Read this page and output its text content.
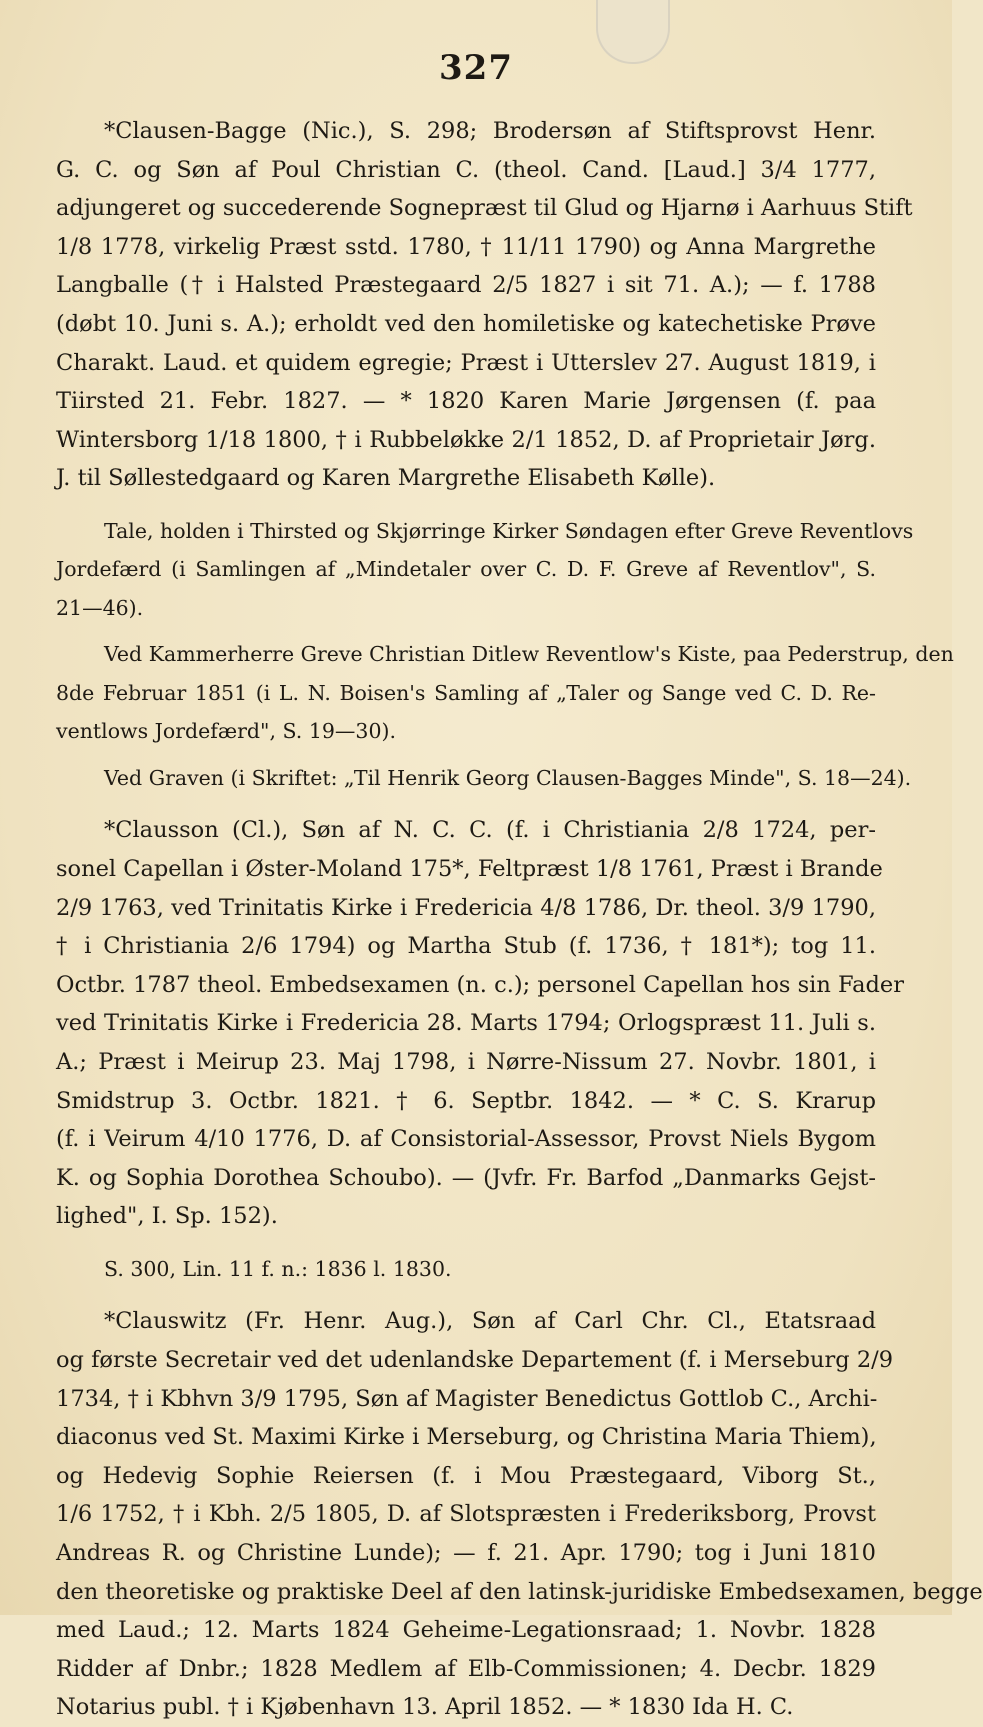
327
*Clausen-Bagge (Nic.), S. 298; Brodersøn af Stiftsprovst Henr.
G. C. og Søn af Poul Christian C. (theol. Cand. [Laud.] 3/4 1777,
adjungeret og succederende Sognepræst til Glud og Hjarnø i Aarhuus Stift
1/8 1778, virkelig Præst sstd. 1780, † 11/11 1790) og Anna Margrethe
Langballe († i Halsted Præstegaard 2/5 1827 i sit 71. A.); — f. 1788
(døbt 10. Juni s. A.); erholdt ved den homiletiske og katechetiske Prøve
Charakt. Laud. et quidem egregie; Præst i Utterslev 27. August 1819, i
Tiirsted 21. Febr. 1827. — * 1820 Karen Marie Jørgensen (f. paa
Wintersborg 1/18 1800, † i Rubbeløkke 2/1 1852, D. af Proprietair Jørg.
J. til Søllestedgaard og Karen Margrethe Elisabeth Kølle).
Tale, holden i Thirsted og Skjørringe Kirker Søndagen efter Greve Reventlovs
Jordefærd (i Samlingen af „Mindetaler over C. D. F. Greve af Reventlov", S.
21—46).
Ved Kammerherre Greve Christian Ditlew Reventlow's Kiste, paa Pederstrup, den
8de Februar 1851 (i L. N. Boisen's Samling af „Taler og Sange ved C. D. Re-
ventlows Jordefærd", S. 19—30).
Ved Graven (i Skriftet: „Til Henrik Georg Clausen-Bagges Minde", S. 18—24).
*Clausson (Cl.), Søn af N. C. C. (f. i Christiania 2/8 1724, per-
sonel Capellan i Øster-Moland 175*, Feltpræst 1/8 1761, Præst i Brande
2/9 1763, ved Trinitatis Kirke i Fredericia 4/8 1786, Dr. theol. 3/9 1790,
† i Christiania 2/6 1794) og Martha Stub (f. 1736, † 181*); tog 11.
Octbr. 1787 theol. Embedsexamen (n. c.); personel Capellan hos sin Fader
ved Trinitatis Kirke i Fredericia 28. Marts 1794; Orlogspræst 11. Juli s.
A.; Præst i Meirup 23. Maj 1798, i Nørre-Nissum 27. Novbr. 1801, i
Smidstrup 3. Octbr. 1821. † 6. Septbr. 1842. — * C. S. Krarup
(f. i Veirum 4/10 1776, D. af Consistorial-Assessor, Provst Niels Bygom
K. og Sophia Dorothea Schoubo). — (Jvfr. Fr. Barfod „Danmarks Gejst-
lighed", I. Sp. 152).
S. 300, Lin. 11 f. n.: 1836 l. 1830.
*Clauswitz (Fr. Henr. Aug.), Søn af Carl Chr. Cl., Etatsraad
og første Secretair ved det udenlandske Departement (f. i Merseburg 2/9
1734, † i Kbhvn 3/9 1795, Søn af Magister Benedictus Gottlob C., Archi-
diaconus ved St. Maximi Kirke i Merseburg, og Christina Maria Thiem),
og Hedevig Sophie Reiersen (f. i Mou Præstegaard, Viborg St.,
1/6 1752, † i Kbh. 2/5 1805, D. af Slotspræsten i Frederiksborg, Provst
Andreas R. og Christine Lunde); — f. 21. Apr. 1790; tog i Juni 1810
den theoretiske og praktiske Deel af den latinsk-juridiske Embedsexamen, begge
med Laud.; 12. Marts 1824 Geheime-Legationsraad; 1. Novbr. 1828
Ridder af Dnbr.; 1828 Medlem af Elb-Commissionen; 4. Decbr. 1829
Notarius publ. † i Kjøbenhavn 13. April 1852. — * 1830 Ida H. C.
